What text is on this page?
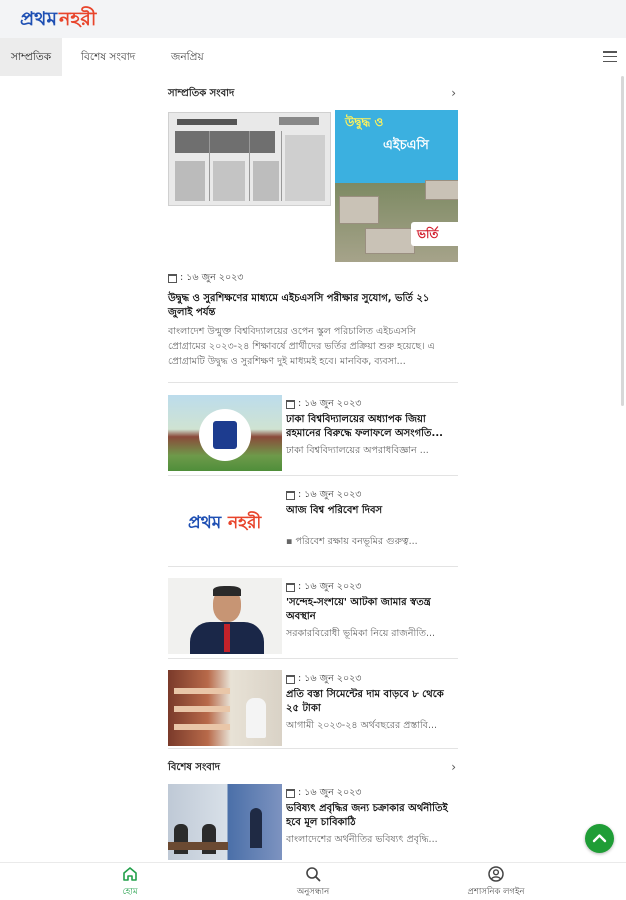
প্রথম নহরী
সাম্প্রতিক	বিশেষ সংবাদ	জনপ্রিয়
সাম্প্রতিক সংবাদ	›
উদ্বুদ্ধ ও
এইচএসি
ভর্তি
: ১৬ জুন ২০২৩
উদ্বুদ্ধ ও সুরশিক্ষণের মাধ্যমে এইচএসসি পরীক্ষার সুযোগ, ভর্তি ২১ জুলাই পর্যন্ত
বাংলাদেশ উন্মুক্ত বিশ্ববিদ্যালয়ের ওপেন স্কুল পরিচালিত এইচএসসি প্রোগ্রামের ২০২৩-২৪ শিক্ষাবর্ষে প্রার্থীদের ভর্তির প্রক্রিয়া শুরু হয়েছে। এ প্রোগ্রামটি উদ্বুদ্ধ ও সুরশিক্ষণ দুই মাধ্যমই হবে। মানবিক, ব্যবসা...
: ১৬ জুন ২০২৩
ঢাকা বিশ্ববিদ্যালয়ের অধ্যাপক জিয়া রহমানের বিরুদ্ধে ফলাফলে অসংগতি...
ঢাকা বিশ্ববিদ্যালয়ের অপরাধবিজ্ঞান ...
প্রথম নহরী
: ১৬ জুন ২০২৩
আজ বিশ্ব পরিবেশ দিবস
▪ পরিবেশ রক্ষায় বনভূমির গুরুত্ব...
: ১৬ জুন ২০২৩
'সন্দেহ-সংশয়ে' আটকা জামার স্বতন্ত্র অবস্থান
সরকারবিরোধী ভূমিকা নিয়ে রাজনীতি...
: ১৬ জুন ২০২৩
প্রতি বস্তা সিমেন্টের দাম বাড়বে ৮ থেকে ২৫ টাকা
আগামী ২০২৩-২৪ অর্থবছরের প্রস্তাবি...
বিশেষ সংবাদ	›
: ১৬ জুন ২০২৩
ভবিষ্যৎ প্রবৃদ্ধির জন্য চক্রাকার অর্থনীতিই হবে মূল চাবিকাঠি
বাংলাদেশের অর্থনীতির ভবিষ্যৎ প্রবৃদ্ধি...
হোম	অনুসন্ধান	প্রশাসনিক লগইন
